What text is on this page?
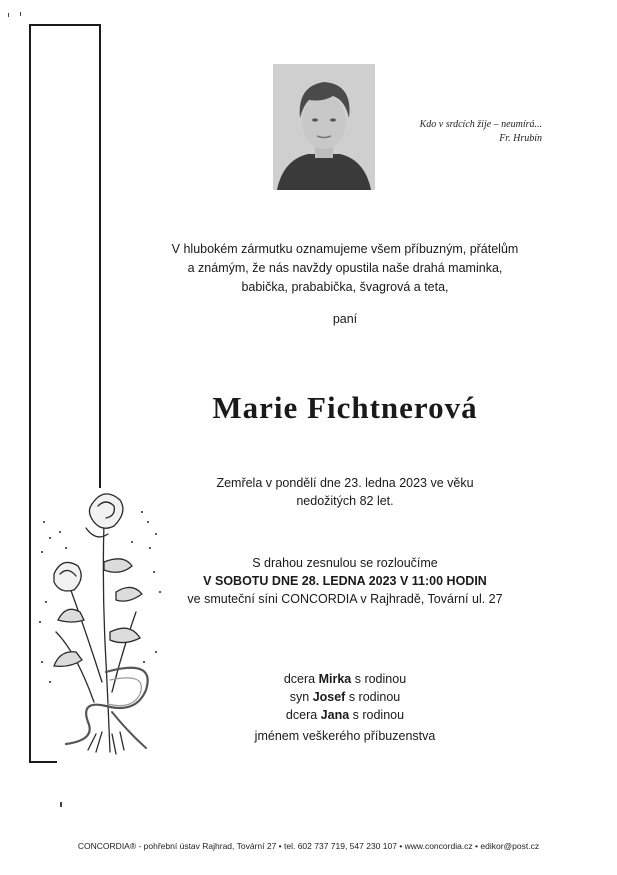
Kdo v srdcích žije – neumírá...
Fr. Hrubín
V hlubokém zármutku oznamujeme všem příbuzným, přátelům
a známým, že nás navždy opustila naše drahá maminka,
babička, prababička, švagrová a teta,
paní
Marie Fichtnerová
Zemřela v pondělí dne 23. ledna 2023 ve věku
nedožitých 82 let.
S drahou zesnulou se rozloučíme
V SOBOTU DNE 28. LEDNA 2023 V 11:00 HODIN
ve smuteční síni CONCORDIA v Rajhradě, Tovární ul. 27
dcera Mirka s rodinou
syn Josef s rodinou
dcera Jana s rodinou
jménem veškerého příbuzenstva
CONCORDIA® - pohřební ústav Rajhrad, Tovární 27 • tel. 602 737 719, 547 230 107 • www.concordia.cz • edikor@post.cz
